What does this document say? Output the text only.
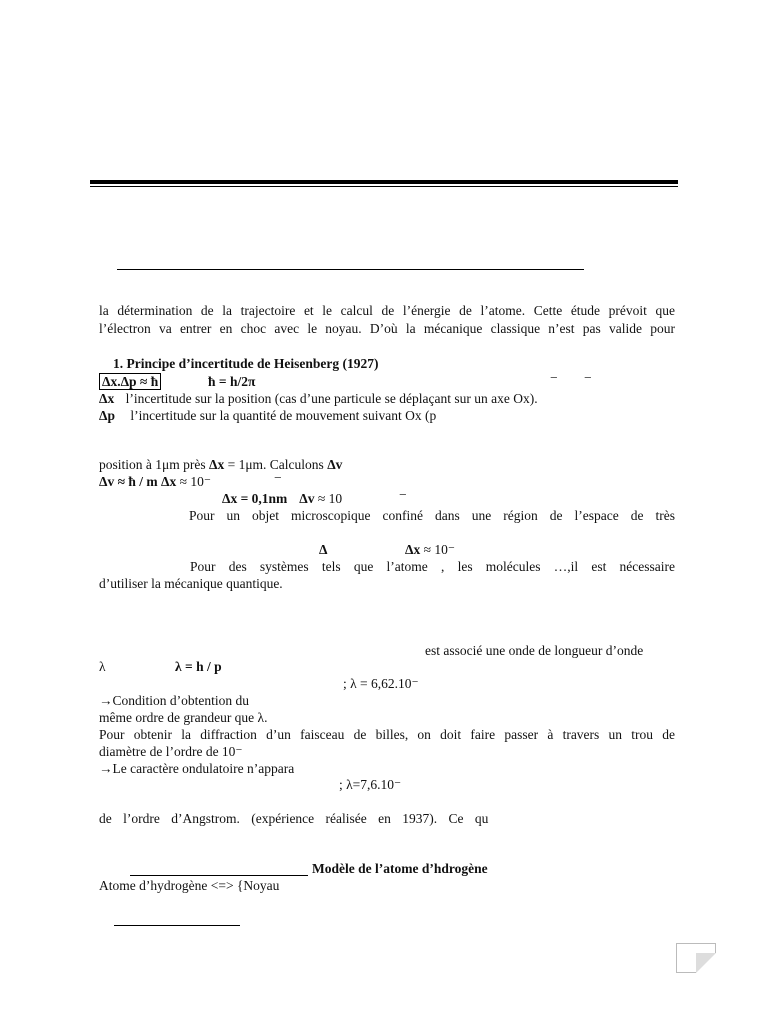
la détermination de la trajectoire et le calcul de l’énergie de l’atome. Cette étude prévoit que
l’électron va entrer en choc avec le noyau. D’où la mécanique classique n’est pas valide pour
1. Principe d’incertitude de Heisenberg (1927)
Δx.Δp ≈ ħ	ħ = h/2π	− −
Δx l’incertitude sur la position (cas d’une particule se déplaçant sur un axe Ox).
Δp l’incertitude sur la quantité de mouvement suivant Ox (p
position à 1μm près Δx = 1μm. Calculons Δv
Δv ≈ ħ / m Δx ≈ 10⁻	−
Δx = 0,1nm Δv ≈ 10	−
Pour un objet microscopique confiné dans une région de l’espace de très
Δ	Δx ≈ 10⁻
Pour des systèmes tels que l’atome , les molécules …,il est nécessaire
d’utiliser la mécanique quantique.
est associé une onde de longueur d’onde
λ	λ = h / p
; λ = 6,62.10⁻
→Condition d’obtention du
même ordre de grandeur que λ.
Pour obtenir la diffraction d’un faisceau de billes, on doit faire passer à travers un trou de
diamètre de l’ordre de 10⁻
→Le caractère ondulatoire n’appara
; λ=7,6.10⁻
de l’ordre d’Angstrom. (expérience réalisée en 1937). Ce qu
Modèle de l’atome d’hdrogène
Atome d’hydrogène <=> {Noyau
